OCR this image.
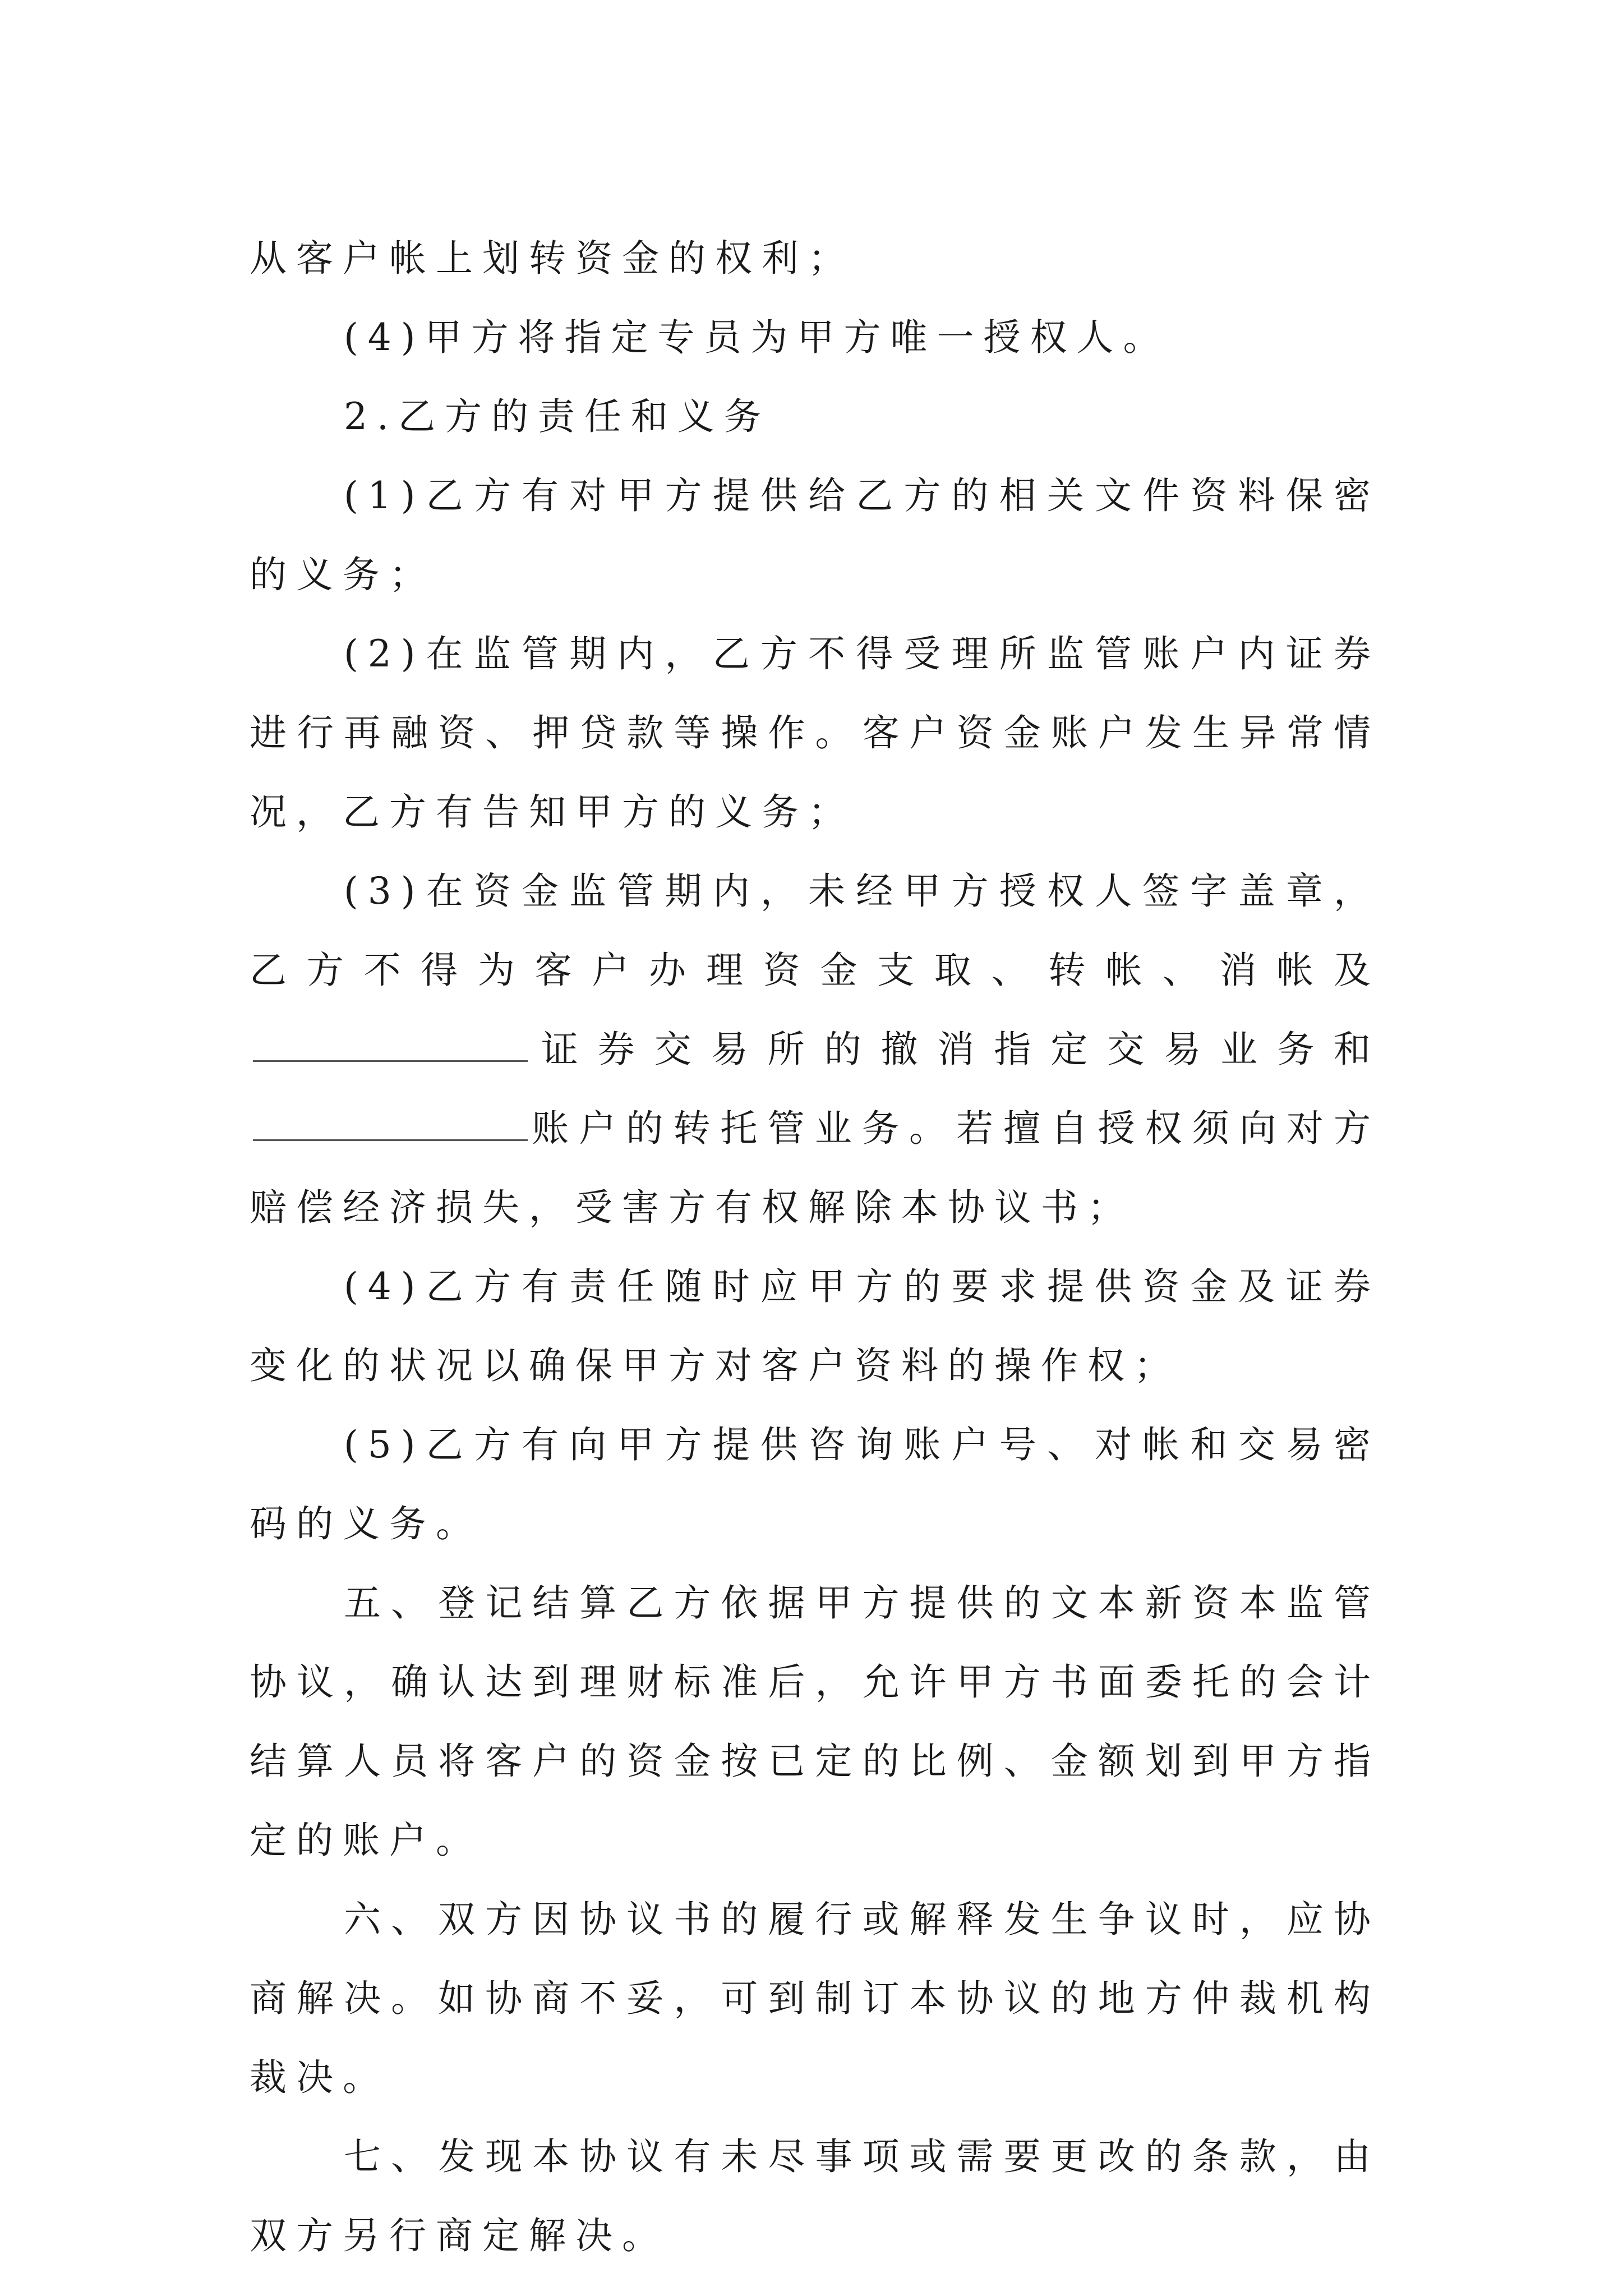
从客户帐上划转资金的权利；

(4)甲方将指定专员为甲方唯一授权人。

2.乙方的责任和义务

(1)乙方有对甲方提供给乙方的相关文件资料保密的义务；

(2)在监管期内，乙方不得受理所监管账户内证券进行再融资、押贷款等操作。客户资金账户发生异常情况，乙方有告知甲方的义务；

(3)在资金监管期内，未经甲方授权人签字盖章，乙方不得为客户办理资金支取、转帐、消帐及证券交易所的撤消指定交易业务和账户的转托管业务。若擅自授权须向对方赔偿经济损失，受害方有权解除本协议书；

(4)乙方有责任随时应甲方的要求提供资金及证券变化的状况以确保甲方对客户资料的操作权；

(5)乙方有向甲方提供咨询账户号、对帐和交易密码的义务。

五、登记结算乙方依据甲方提供的文本新资本监管协议，确认达到理财标准后，允许甲方书面委托的会计结算人员将客户的资金按已定的比例、金额划到甲方指定的账户。

六、双方因协议书的履行或解释发生争议时，应协商解决。如协商不妥，可到制订本协议的地方仲裁机构裁决。

七、发现本协议有未尽事项或需要更改的条款，由双方另行商定解决。
